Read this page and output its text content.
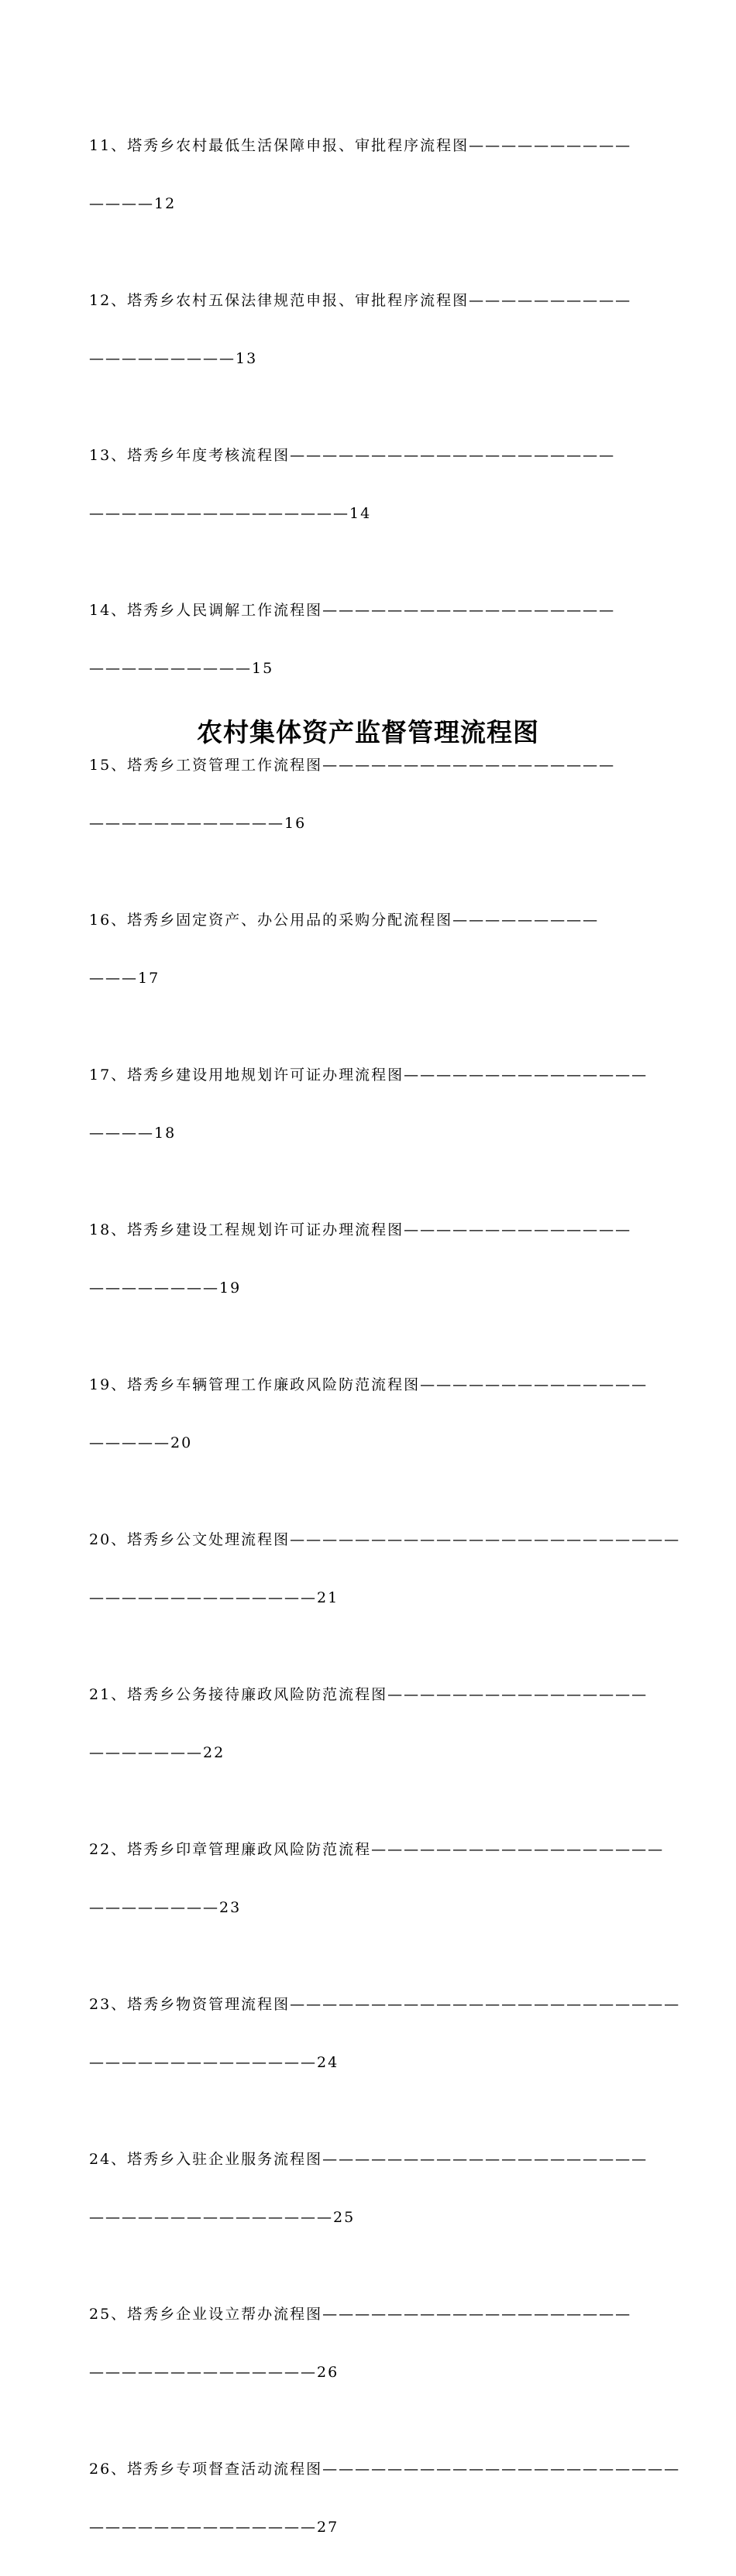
11、塔秀乡农村最低生活保障申报、审批程序流程图——————————

————12

12、塔秀乡农村五保法律规范申报、审批程序流程图——————————

—————————13

13、塔秀乡年度考核流程图————————————————————

————————————————14

14、塔秀乡人民调解工作流程图——————————————————

——————————15

15、塔秀乡工资管理工作流程图——————————————————

————————————16

16、塔秀乡固定资产、办公用品的采购分配流程图—————————

———17

17、塔秀乡建设用地规划许可证办理流程图———————————————

————18

18、塔秀乡建设工程规划许可证办理流程图——————————————

————————19

19、塔秀乡车辆管理工作廉政风险防范流程图——————————————

—————20

20、塔秀乡公文处理流程图————————————————————————

——————————————21

21、塔秀乡公务接待廉政风险防范流程图————————————————

———————22

22、塔秀乡印章管理廉政风险防范流程——————————————————

————————23

23、塔秀乡物资管理流程图————————————————————————

——————————————24

24、塔秀乡入驻企业服务流程图————————————————————

———————————————25

25、塔秀乡企业设立帮办流程图———————————————————

——————————————26

26、塔秀乡专项督查活动流程图——————————————————————

——————————————27

农村集体资产监督管理流程图
